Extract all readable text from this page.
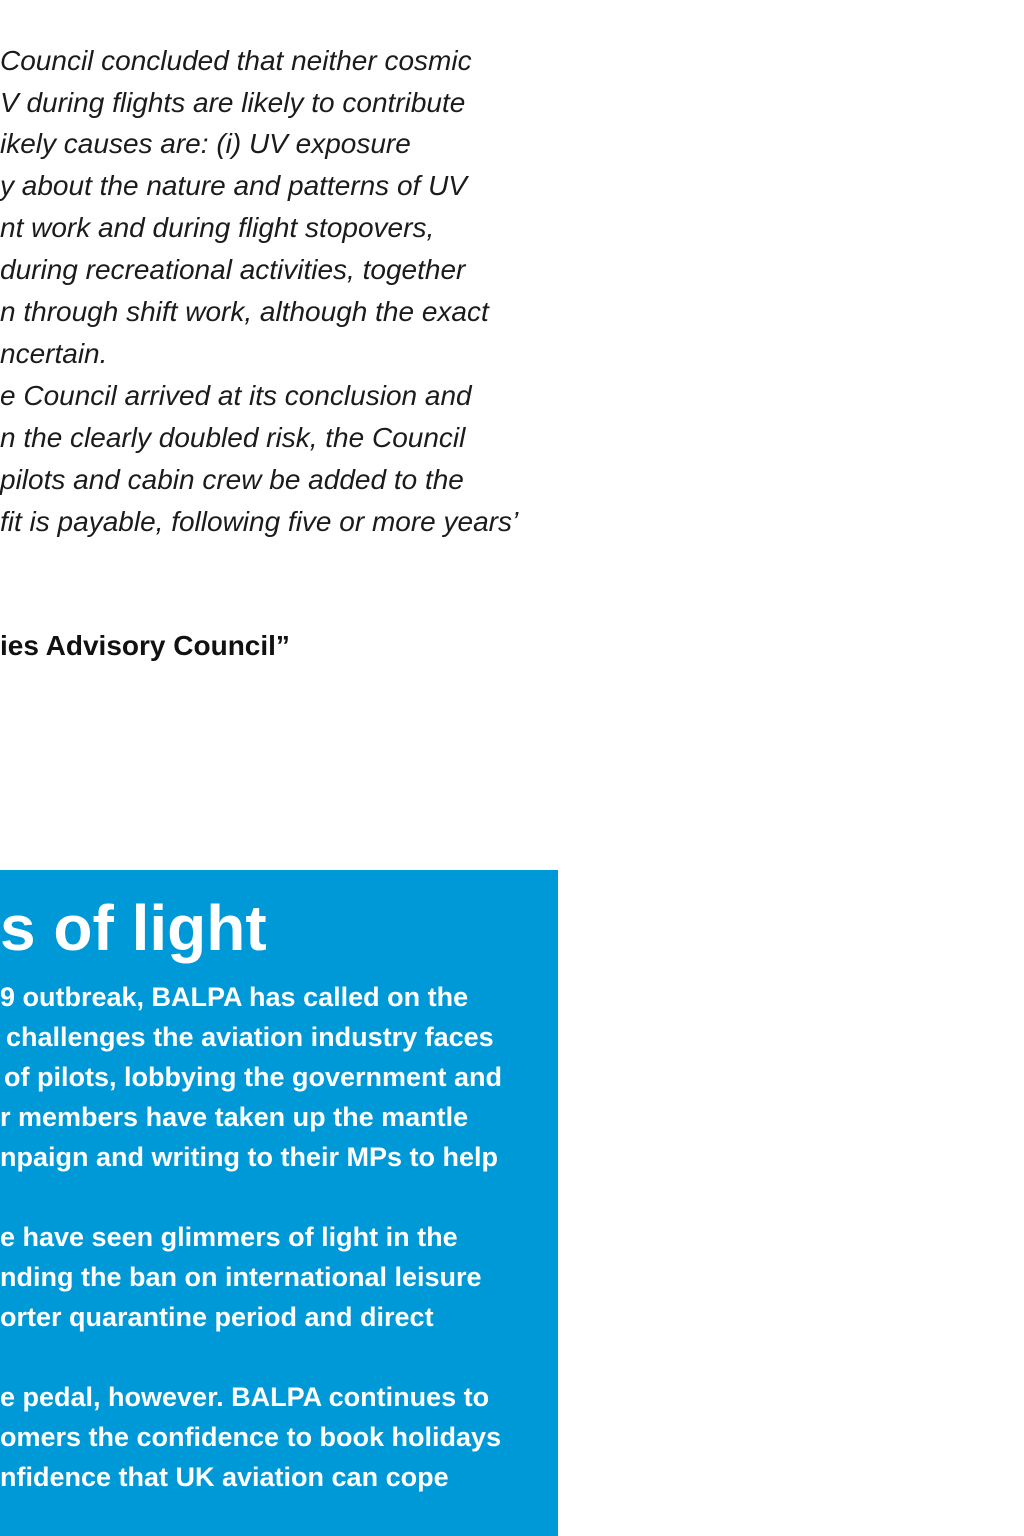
Council concluded that neither cosmic

V during flights are likely to contribute

ikely causes are: (i) UV exposure

y about the nature and patterns of UV

nt work and during flight stopovers,

during recreational activities, together

n through shift work, although the exact

ncertain.

e Council arrived at its conclusion and

n the clearly doubled risk, the Council

pilots and cabin crew be added to the

fit is payable, following five or more years’

ies Advisory Council”

s of light

9 outbreak, BALPA has called on the

challenges the aviation industry faces

of pilots, lobbying the government and

r members have taken up the mantle

npaign and writing to their MPs to help

e have seen glimmers of light in the

nding the ban on international leisure

orter quarantine period and direct

e pedal, however. BALPA continues to

omers the confidence to book holidays

nfidence that UK aviation can cope
